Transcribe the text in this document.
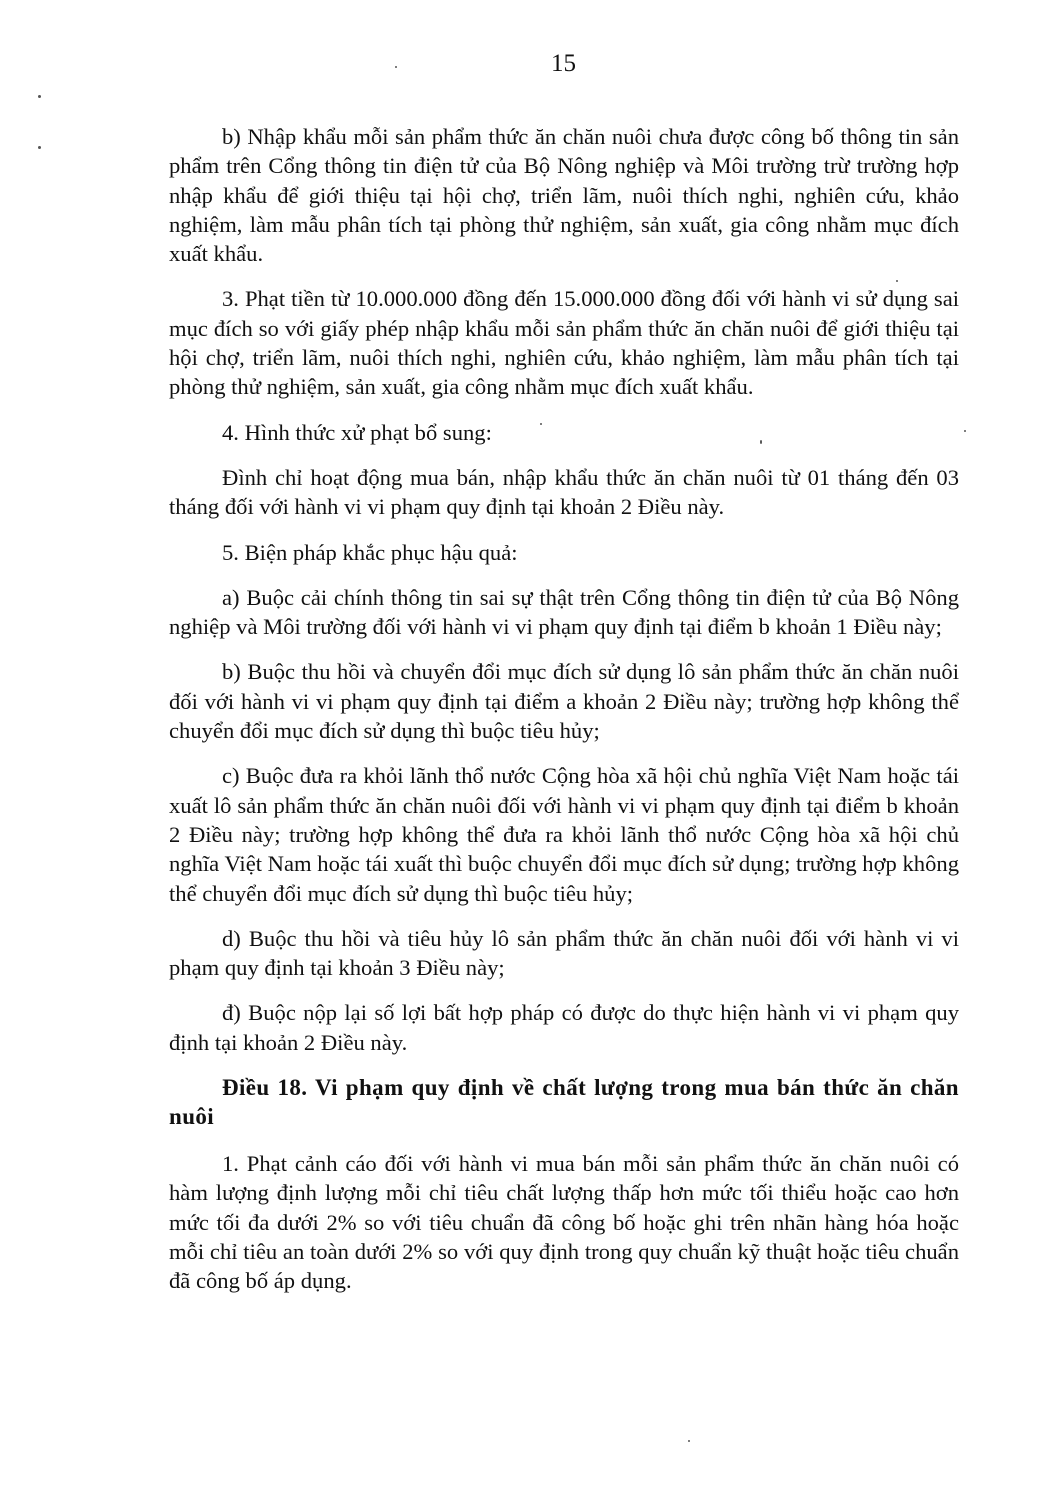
15

b) Nhập khẩu mỗi sản phẩm thức ăn chăn nuôi chưa được công bố thông tin sản phẩm trên Cổng thông tin điện tử của Bộ Nông nghiệp và Môi trường trừ trường hợp nhập khẩu để giới thiệu tại hội chợ, triển lãm, nuôi thích nghi, nghiên cứu, khảo nghiệm, làm mẫu phân tích tại phòng thử nghiệm, sản xuất, gia công nhằm mục đích xuất khẩu.

3. Phạt tiền từ 10.000.000 đồng đến 15.000.000 đồng đối với hành vi sử dụng sai mục đích so với giấy phép nhập khẩu mỗi sản phẩm thức ăn chăn nuôi để giới thiệu tại hội chợ, triển lãm, nuôi thích nghi, nghiên cứu, khảo nghiệm, làm mẫu phân tích tại phòng thử nghiệm, sản xuất, gia công nhằm mục đích xuất khẩu.

4. Hình thức xử phạt bổ sung:

Đình chỉ hoạt động mua bán, nhập khẩu thức ăn chăn nuôi từ 01 tháng đến 03 tháng đối với hành vi vi phạm quy định tại khoản 2 Điều này.

5. Biện pháp khắc phục hậu quả:

a) Buộc cải chính thông tin sai sự thật trên Cổng thông tin điện tử của Bộ Nông nghiệp và Môi trường đối với hành vi vi phạm quy định tại điểm b khoản 1 Điều này;

b) Buộc thu hồi và chuyển đổi mục đích sử dụng lô sản phẩm thức ăn chăn nuôi đối với hành vi vi phạm quy định tại điểm a khoản 2 Điều này; trường hợp không thể chuyển đổi mục đích sử dụng thì buộc tiêu hủy;

c) Buộc đưa ra khỏi lãnh thổ nước Cộng hòa xã hội chủ nghĩa Việt Nam hoặc tái xuất lô sản phẩm thức ăn chăn nuôi đối với hành vi vi phạm quy định tại điểm b khoản 2 Điều này; trường hợp không thể đưa ra khỏi lãnh thổ nước Cộng hòa xã hội chủ nghĩa Việt Nam hoặc tái xuất thì buộc chuyển đổi mục đích sử dụng; trường hợp không thể chuyển đổi mục đích sử dụng thì buộc tiêu hủy;

d) Buộc thu hồi và tiêu hủy lô sản phẩm thức ăn chăn nuôi đối với hành vi vi phạm quy định tại khoản 3 Điều này;

đ) Buộc nộp lại số lợi bất hợp pháp có được do thực hiện hành vi vi phạm quy định tại khoản 2 Điều này.

Điều 18. Vi phạm quy định về chất lượng trong mua bán thức ăn chăn nuôi

1. Phạt cảnh cáo đối với hành vi mua bán mỗi sản phẩm thức ăn chăn nuôi có hàm lượng định lượng mỗi chỉ tiêu chất lượng thấp hơn mức tối thiểu hoặc cao hơn mức tối đa dưới 2% so với tiêu chuẩn đã công bố hoặc ghi trên nhãn hàng hóa hoặc mỗi chỉ tiêu an toàn dưới 2% so với quy định trong quy chuẩn kỹ thuật hoặc tiêu chuẩn đã công bố áp dụng.
